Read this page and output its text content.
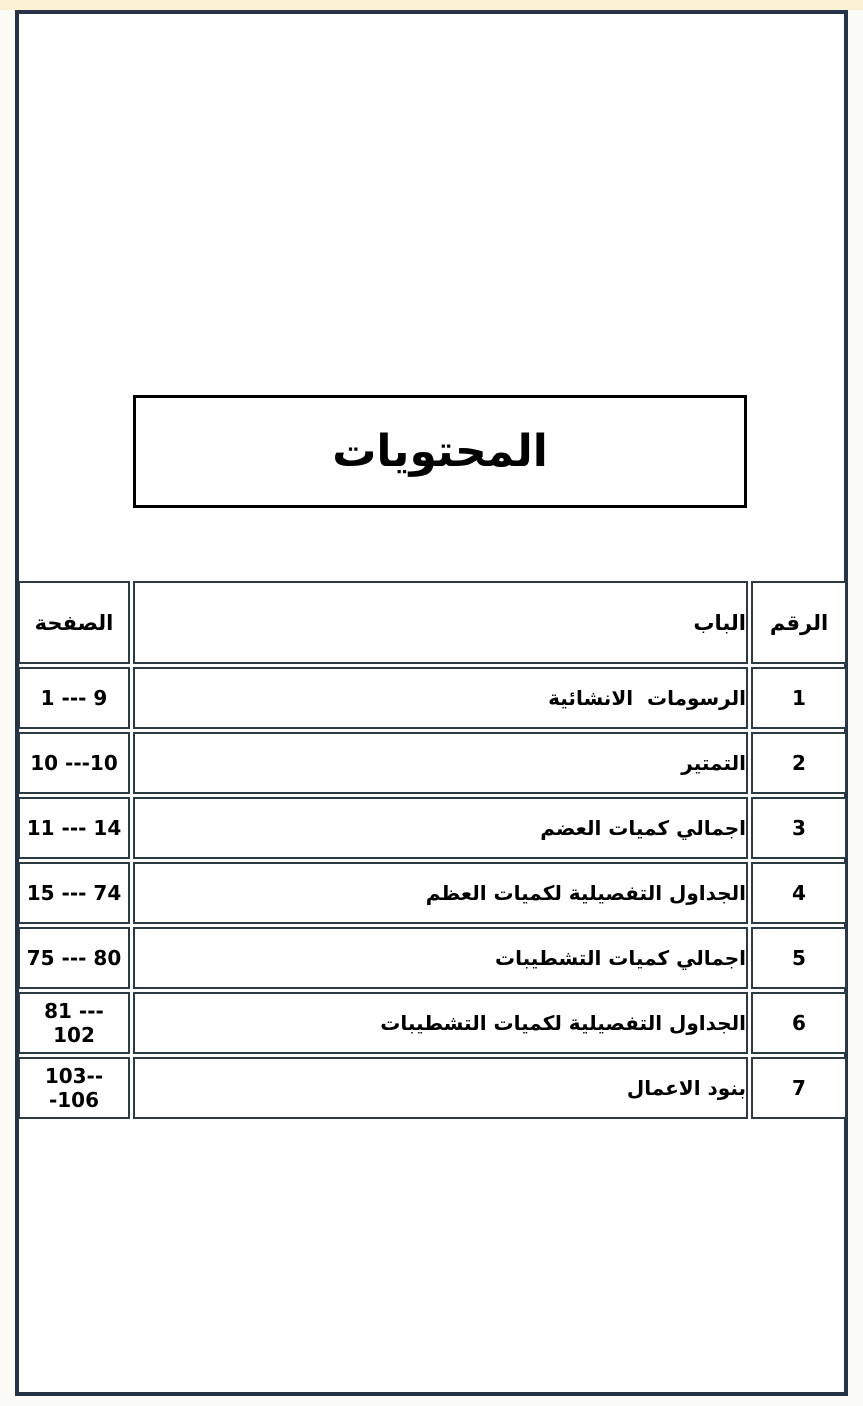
المحتويات
الرقم	الباب	الصفحة
1	الرسومات  الانشائية	1 --- 9
2	التمتير	10 ---10
3	اجمالي كميات العضم	11 --- 14
4	الجداول التفصيلية لكميات العظم	15 --- 74
5	اجمالي كميات التشطيبات	75 --- 80
6	الجداول التفصيلية لكميات التشطيبات	81 --- 102
7	بنود الاعمال	103---106
